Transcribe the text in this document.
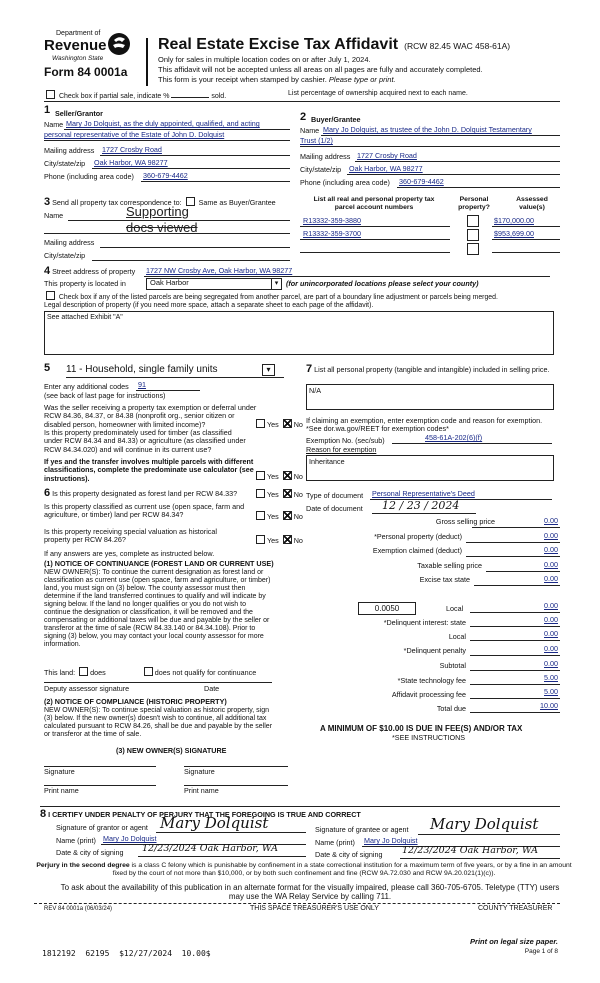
Department of
Revenue
Washington State
Form 84 0001a
Real Estate Excise Tax Affidavit (RCW 82.45 WAC 458-61A)
Only for sales in multiple location codes on or after July 1, 2024.
This affidavit will not be accepted unless all areas on all pages are fully and accurately completed.
This form is your receipt when stamped by cashier. Please type or print.
Check box if partial sale, indicate %	sold.	List percentage of ownership acquired next to each name.
1 Seller/Grantor
Name Mary Jo Dolquist, as the duly appointed, qualified, and acting
personal representative of the Estate of John D. Dolquist
Mailing address 1727 Crosby Road
City/state/zip Oak Harbor, WA 98277
Phone (including area code) 360-679-4462
2 Buyer/Grantee
Name Mary Jo Dolquist, as trustee of the John D. Dolquist Testamentary
Trust (1/2)
Mailing address 1727 Crosby Road
City/state/zip Oak Harbor, WA 98277
Phone (including area code) 360-679-4462
3 Send all property tax correspondence to: Same as Buyer/Grantee
Name	Supporting
docs viewed
Mailing address
City/state/zip
List all real and personal property tax parcel account numbers
Personal property?
Assessed value(s)
R13332-359-3880	$170,000.00
R13332-359-3700	$953,699.00
4 Street address of property 1727 NW Crosby Ave, Oak Harbor, WA 98277
This property is located in	Oak Harbor	▾	(for unincorporated locations please select your county)
Check box if any of the listed parcels are being segregated from another parcel, are part of a boundary line adjustment or parcels being merged.
Legal description of property (if you need more space, attach a separate sheet to each page of the affidavit).
See attached Exhibit "A"
5 11 - Household, single family units	▾
Enter any additional codes 91
(see back of last page for instructions)
Was the seller receiving a property tax exemption or deferral under RCW 84.36, 84.37, or 84.38 (nonprofit org., senior citizen or disabled person, homeowner with limited income)?	Yes No
Is this property predominately used for timber (as classified under RCW 84.34 and 84.33) or agriculture (as classified under RCW 84.34.020) and will continue in its current use?
If yes and the transfer involves multiple parcels with different classifications, complete the predominate use calculator (see instructions).	Yes No
6 Is this property designated as forest land per RCW 84.33?	Yes No
Is this property classified as current use (open space, farm and agriculture, or timber) land per RCW 84.34?	Yes No
Is this property receiving special valuation as historical property per RCW 84.26?	Yes No
If any answers are yes, complete as instructed below.
(1) NOTICE OF CONTINUANCE (FOREST LAND OR CURRENT USE)
NEW OWNER(S): To continue the current designation as forest land or classification as current use (open space, farm and agriculture, or timber) land, you must sign on (3) below. The county assessor must then determine if the land transferred continues to qualify and will indicate by signing below. If the land no longer qualifies or you do not wish to continue the designation or classification, it will be removed and the compensating or additional taxes will be due and payable by the seller or transferor at the time of sale (RCW 84.33.140 or 84.34.108). Prior to signing (3) below, you may contact your local county assessor for more information.
This land: does	does not qualify for continuance
Deputy assessor signature	Date
(2) NOTICE OF COMPLIANCE (HISTORIC PROPERTY)
NEW OWNER(S): To continue special valuation as historic property, sign (3) below. If the new owner(s) doesn't wish to continue, all additional tax calculated pursuant to RCW 84.26, shall be due and payable by the seller or transferor at the time of sale.
(3) NEW OWNER(S) SIGNATURE
Signature	Signature
Print name	Print name
7 List all personal property (tangible and intangible) included in selling price.
N/A
If claiming an exemption, enter exemption code and reason for exemption. *See dor.wa.gov/REET for exemption codes*
Exemption No. (sec/sub)	458-61A-202(6)(f)
Reason for exemption
Inheritance
Type of document Personal Representative's Deed
Date of document 12 / 23 / 2024
Gross selling price	0.00
*Personal property (deduct)	0.00
Exemption claimed (deduct)	0.00
Taxable selling price	0.00
Excise tax state	0.00
0.0050	Local	0.00
*Delinquent interest: state	0.00
Local	0.00
*Delinquent penalty	0.00
Subtotal	0.00
*State technology fee	5.00
Affidavit processing fee	5.00
Total due	10.00
A MINIMUM OF $10.00 IS DUE IN FEE(S) AND/OR TAX
*SEE INSTRUCTIONS
8 I CERTIFY UNDER PENALTY OF PERJURY THAT THE FOREGOING IS TRUE AND CORRECT
Signature of grantor or agent Mary Dolquist
Name (print) Mary Jo Dolquist
Date & city of signing 12/23/2024 Oak Harbor, WA
Signature of grantee or agent Mary Dolquist
Name (print) Mary Jo Dolquist
Date & city of signing 12/23/2024 Oak Harbor, WA
Perjury in the second degree is a class C felony which is punishable by confinement in a state correctional institution for a maximum term of five years, or by a fine in an amount fixed by the court of not more than $10,000, or by both such confinement and fine (RCW 9A.72.030 and RCW 9A.20.021(1)(c)).
To ask about the availability of this publication in an alternate format for the visually impaired, please call 360-705-6705. Teletype (TTY) users may use the WA Relay Service by calling 711.
REV 84 0001a (06/03/24)	THIS SPACE TREASURER'S USE ONLY	COUNTY TREASURER
1812192  62195  $12/27/2024  10.00$
Print on legal size paper.
Page 1 of 8
